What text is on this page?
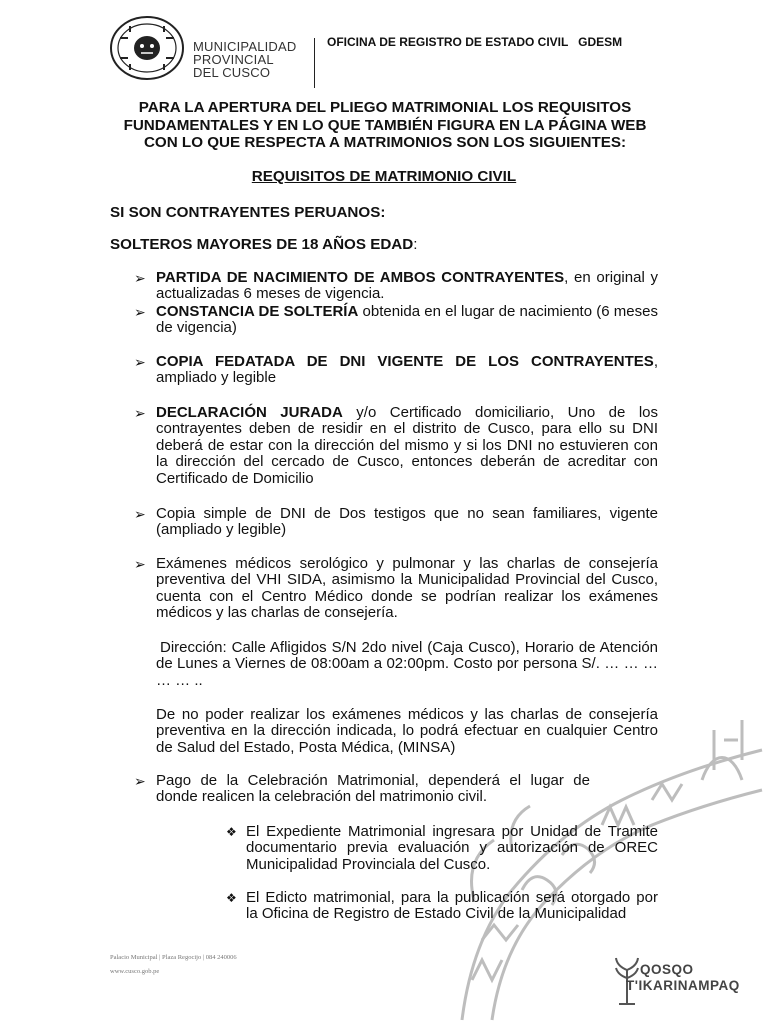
MUNICIPALIDAD
PROVINCIAL
DEL CUSCO
OFICINA DE REGISTRO DE ESTADO CIVIL   GDESM
PARA LA APERTURA DEL PLIEGO MATRIMONIAL LOS REQUISITOS
FUNDAMENTALES Y EN LO QUE TAMBIÉN FIGURA EN LA PÁGINA WEB
CON LO QUE RESPECTA A MATRIMONIOS SON LOS SIGUIENTES:
REQUISITOS DE MATRIMONIO CIVIL
SI SON CONTRAYENTES PERUANOS:
SOLTEROS MAYORES DE 18 AÑOS EDAD:
➢ PARTIDA DE NACIMIENTO DE AMBOS CONTRAYENTES, en original y actualizadas 6 meses de vigencia.
➢ CONSTANCIA DE SOLTERÍA obtenida en el lugar de nacimiento (6 meses de vigencia)
➢ COPIA FEDATADA DE DNI VIGENTE DE LOS CONTRAYENTES, ampliado y legible
➢ DECLARACIÓN JURADA y/o Certificado domiciliario, Uno de los contrayentes deben de residir en el distrito de Cusco, para ello su DNI deberá de estar con la dirección del mismo y si los DNI no estuvieren con la dirección del cercado de Cusco, entonces deberán de acreditar con Certificado de Domicilio
➢ Copia simple de DNI de Dos testigos que no sean familiares, vigente (ampliado y legible)
➢ Exámenes médicos serológico y pulmonar y las charlas de consejería preventiva del VHI SIDA, asimismo la Municipalidad Provincial del Cusco, cuenta con el Centro Médico donde se podrían realizar los exámenes médicos y las charlas de consejería.
Dirección: Calle Afligidos S/N 2do nivel (Caja Cusco), Horario de Atención de Lunes a Viernes de 08:00am a 02:00pm. Costo por persona S/. … … … … … ..
De no poder realizar los exámenes médicos y las charlas de consejería preventiva en la dirección indicada, lo podrá efectuar en cualquier Centro de Salud del Estado, Posta Médica, (MINSA)
➢ Pago de la Celebración Matrimonial, dependerá el lugar de donde realicen la celebración del matrimonio civil.
❖ El Expediente Matrimonial ingresara por Unidad de Tramite documentario previa evaluación y autorización de OREC Municipalidad Provinciala del Cusco.
❖ El Edicto matrimonial, para la publicación será otorgado por la Oficina de Registro de Estado Civil de la Municipalidad
Palacio Municipal | Plaza Regocijo | 084 240006
www.cusco.gob.pe	QOSQO
T'IKARINAMPAQ
